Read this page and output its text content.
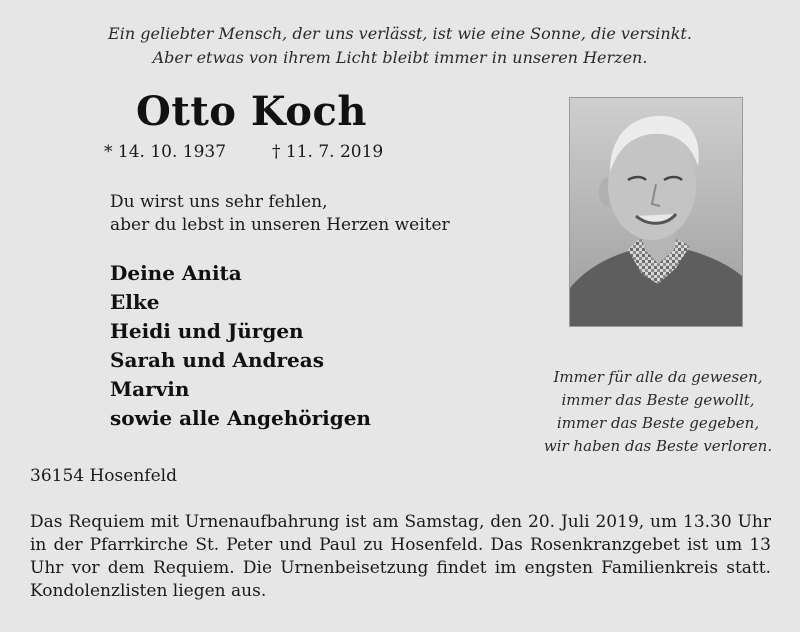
Ein geliebter Mensch, der uns verlässt, ist wie eine Sonne, die versinkt.
Aber etwas von ihrem Licht bleibt immer in unseren Herzen.
Otto Koch
* 14. 10. 1937	† 11. 7. 2019
Du wirst uns sehr fehlen,
aber du lebst in unseren Herzen weiter
Deine Anita
Elke
Heidi und Jürgen
Sarah und Andreas
Marvin
sowie alle Angehörigen
Immer für alle da gewesen,
immer das Beste gewollt,
immer das Beste gegeben,
wir haben das Beste verloren.
36154 Hosenfeld
Das Requiem mit Urnenaufbahrung ist am Samstag, den 20. Juli 2019, um 13.30 Uhr in der Pfarrkirche St. Peter und Paul zu Hosenfeld. Das Rosenkranzgebet ist um 13 Uhr vor dem Requiem. Die Urnenbeisetzung findet im engsten Familienkreis statt. Kondolenzlisten liegen aus.
